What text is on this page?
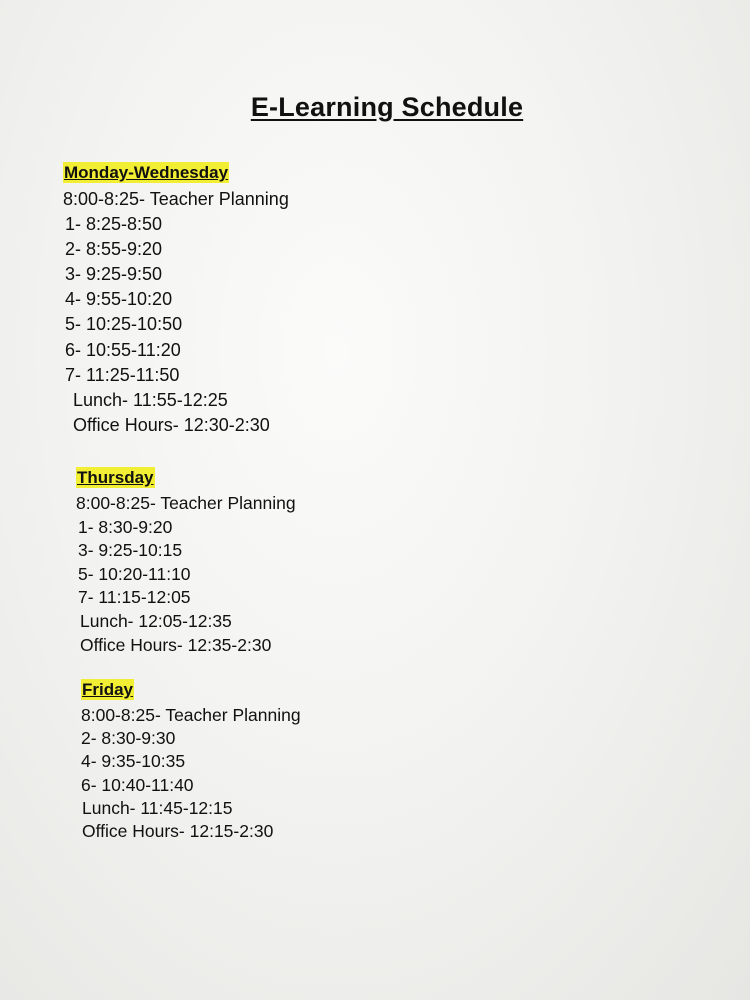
E-Learning Schedule
Monday-Wednesday
8:00-8:25- Teacher Planning
1- 8:25-8:50
2- 8:55-9:20
3- 9:25-9:50
4- 9:55-10:20
5- 10:25-10:50
6- 10:55-11:20
7- 11:25-11:50
Lunch- 11:55-12:25
Office Hours- 12:30-2:30
Thursday
8:00-8:25- Teacher Planning
1- 8:30-9:20
3- 9:25-10:15
5- 10:20-11:10
7- 11:15-12:05
Lunch- 12:05-12:35
Office Hours- 12:35-2:30
Friday
8:00-8:25- Teacher Planning
2- 8:30-9:30
4- 9:35-10:35
6- 10:40-11:40
Lunch- 11:45-12:15
Office Hours- 12:15-2:30
